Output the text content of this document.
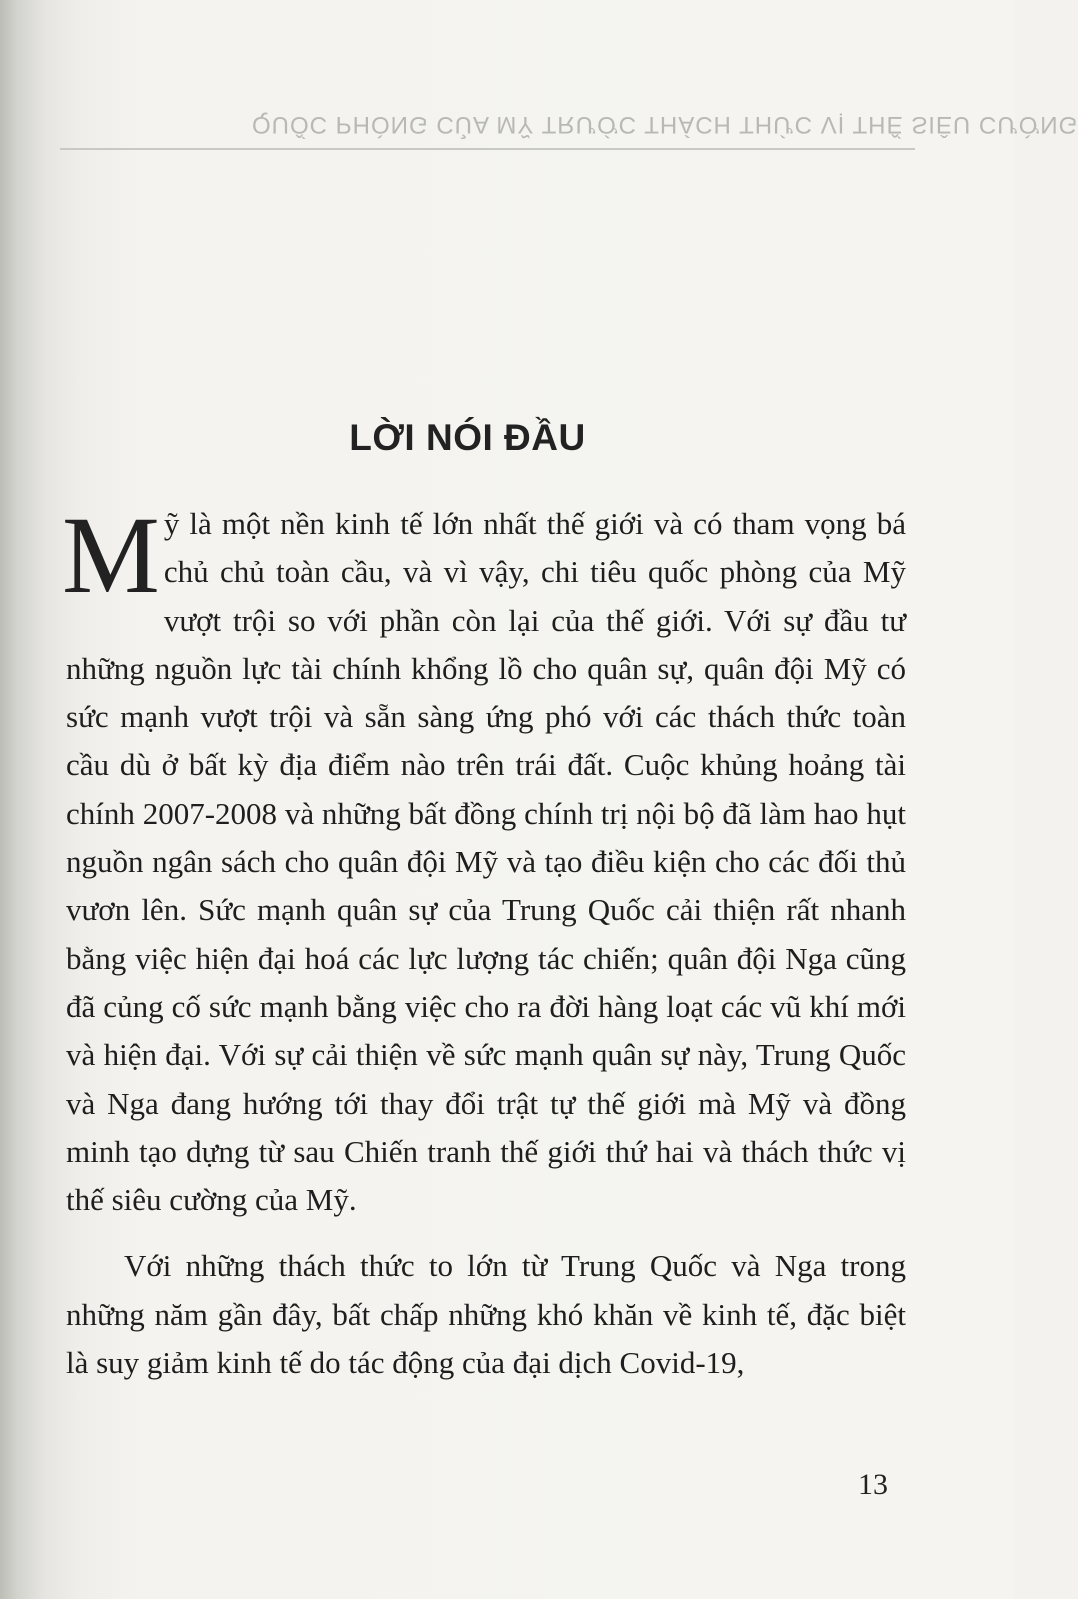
QUỐC PHÒNG CỦA MỸ TRƯỚC THÁCH THỨC VỊ THẾ SIÊU CƯỜNG
LỜI NÓI ĐẦU

Mỹ là một nền kinh tế lớn nhất thế giới và có tham vọng bá chủ chủ toàn cầu, và vì vậy, chi tiêu quốc phòng của Mỹ vượt trội so với phần còn lại của thế giới. Với sự đầu tư những nguồn lực tài chính khổng lồ cho quân sự, quân đội Mỹ có sức mạnh vượt trội và sẵn sàng ứng phó với các thách thức toàn cầu dù ở bất kỳ địa điểm nào trên trái đất. Cuộc khủng hoảng tài chính 2007-2008 và những bất đồng chính trị nội bộ đã làm hao hụt nguồn ngân sách cho quân đội Mỹ và tạo điều kiện cho các đối thủ vươn lên. Sức mạnh quân sự của Trung Quốc cải thiện rất nhanh bằng việc hiện đại hoá các lực lượng tác chiến; quân đội Nga cũng đã củng cố sức mạnh bằng việc cho ra đời hàng loạt các vũ khí mới và hiện đại. Với sự cải thiện về sức mạnh quân sự này, Trung Quốc và Nga đang hướng tới thay đổi trật tự thế giới mà Mỹ và đồng minh tạo dựng từ sau Chiến tranh thế giới thứ hai và thách thức vị thế siêu cường của Mỹ.

Với những thách thức to lớn từ Trung Quốc và Nga trong những năm gần đây, bất chấp những khó khăn về kinh tế, đặc biệt là suy giảm kinh tế do tác động của đại dịch Covid-19,

13
